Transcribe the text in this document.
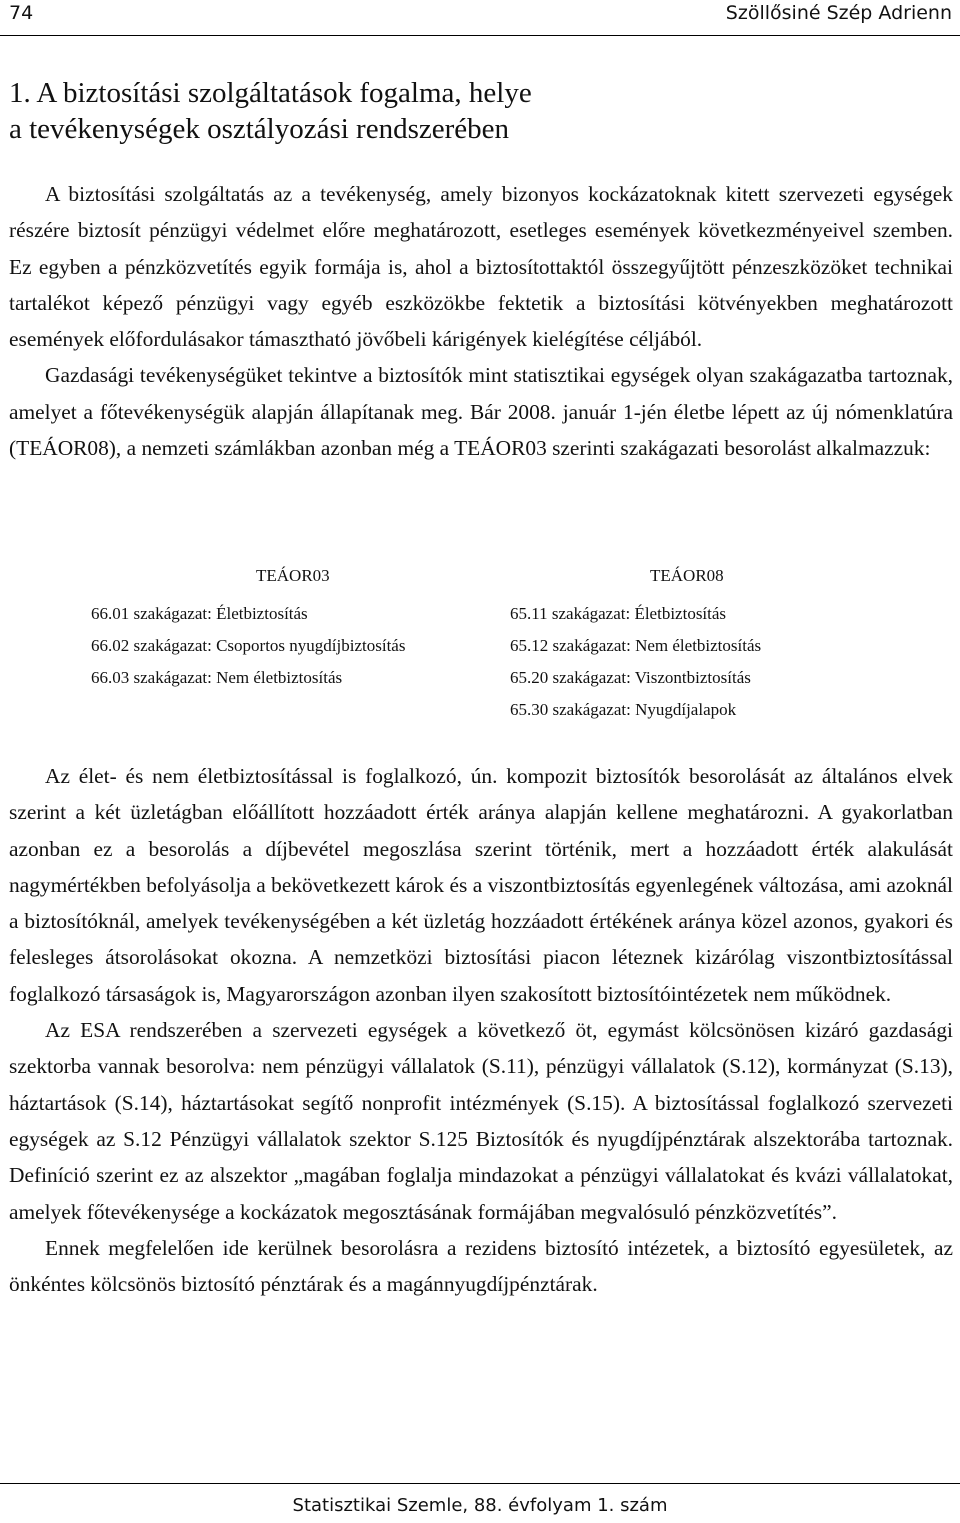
74	Szöllősiné Szép Adrienn
1. A biztosítási szolgáltatások fogalma, helye
a tevékenységek osztályozási rendszerében
A biztosítási szolgáltatás az a tevékenység, amely bizonyos kockázatoknak kitett szervezeti egységek részére biztosít pénzügyi védelmet előre meghatározott, esetleges események következményeivel szemben. Ez egyben a pénzközvetítés egyik formája is, ahol a biztosítottaktól összegyűjtött pénzeszközöket technikai tartalékot képező pénzügyi vagy egyéb eszközökbe fektetik a biztosítási kötvényekben meghatározott események előfordulásakor támasztható jövőbeli kárigények kielégítése céljából.
Gazdasági tevékenységüket tekintve a biztosítók mint statisztikai egységek olyan szakágazatba tartoznak, amelyet a főtevékenységük alapján állapítanak meg. Bár 2008. január 1-jén életbe lépett az új nómenklatúra (TEÁOR08), a nemzeti számlákban azonban még a TEÁOR03 szerinti szakágazati besorolást alkalmazzuk:
TEÁOR03	TEÁOR08
66.01 szakágazat: Életbiztosítás
66.02 szakágazat: Csoportos nyugdíjbiztosítás
66.03 szakágazat: Nem életbiztosítás
65.11 szakágazat: Életbiztosítás
65.12 szakágazat: Nem életbiztosítás
65.20 szakágazat: Viszontbiztosítás
65.30 szakágazat: Nyugdíjalapok
Az élet- és nem életbiztosítással is foglalkozó, ún. kompozit biztosítók besorolását az általános elvek szerint a két üzletágban előállított hozzáadott érték aránya alapján kellene meghatározni. A gyakorlatban azonban ez a besorolás a díjbevétel megoszlása szerint történik, mert a hozzáadott érték alakulását nagymértékben befolyásolja a bekövetkezett károk és a viszontbiztosítás egyenlegének változása, ami azoknál a biztosítóknál, amelyek tevékenységében a két üzletág hozzáadott értékének aránya közel azonos, gyakori és felesleges átsorolásokat okozna. A nemzetközi biztosítási piacon léteznek kizárólag viszontbiztosítással foglalkozó társaságok is, Magyarországon azonban ilyen szakosított biztosítóintézetek nem működnek.
Az ESA rendszerében a szervezeti egységek a következő öt, egymást kölcsönösen kizáró gazdasági szektorba vannak besorolva: nem pénzügyi vállalatok (S.11), pénzügyi vállalatok (S.12), kormányzat (S.13), háztartások (S.14), háztartásokat segítő nonprofit intézmények (S.15). A biztosítással foglalkozó szervezeti egységek az S.12 Pénzügyi vállalatok szektor S.125 Biztosítók és nyugdíjpénztárak alszektorába tartoznak. Definíció szerint ez az alszektor „magában foglalja mindazokat a pénzügyi vállalatokat és kvázi vállalatokat, amelyek főtevékenysége a kockázatok megosztásának formájában megvalósuló pénzközvetítés”.
Ennek megfelelően ide kerülnek besorolásra a rezidens biztosító intézetek, a biztosító egyesületek, az önkéntes kölcsönös biztosító pénztárak és a magánnyugdíjpénztárak.
Statisztikai Szemle, 88. évfolyam 1. szám
